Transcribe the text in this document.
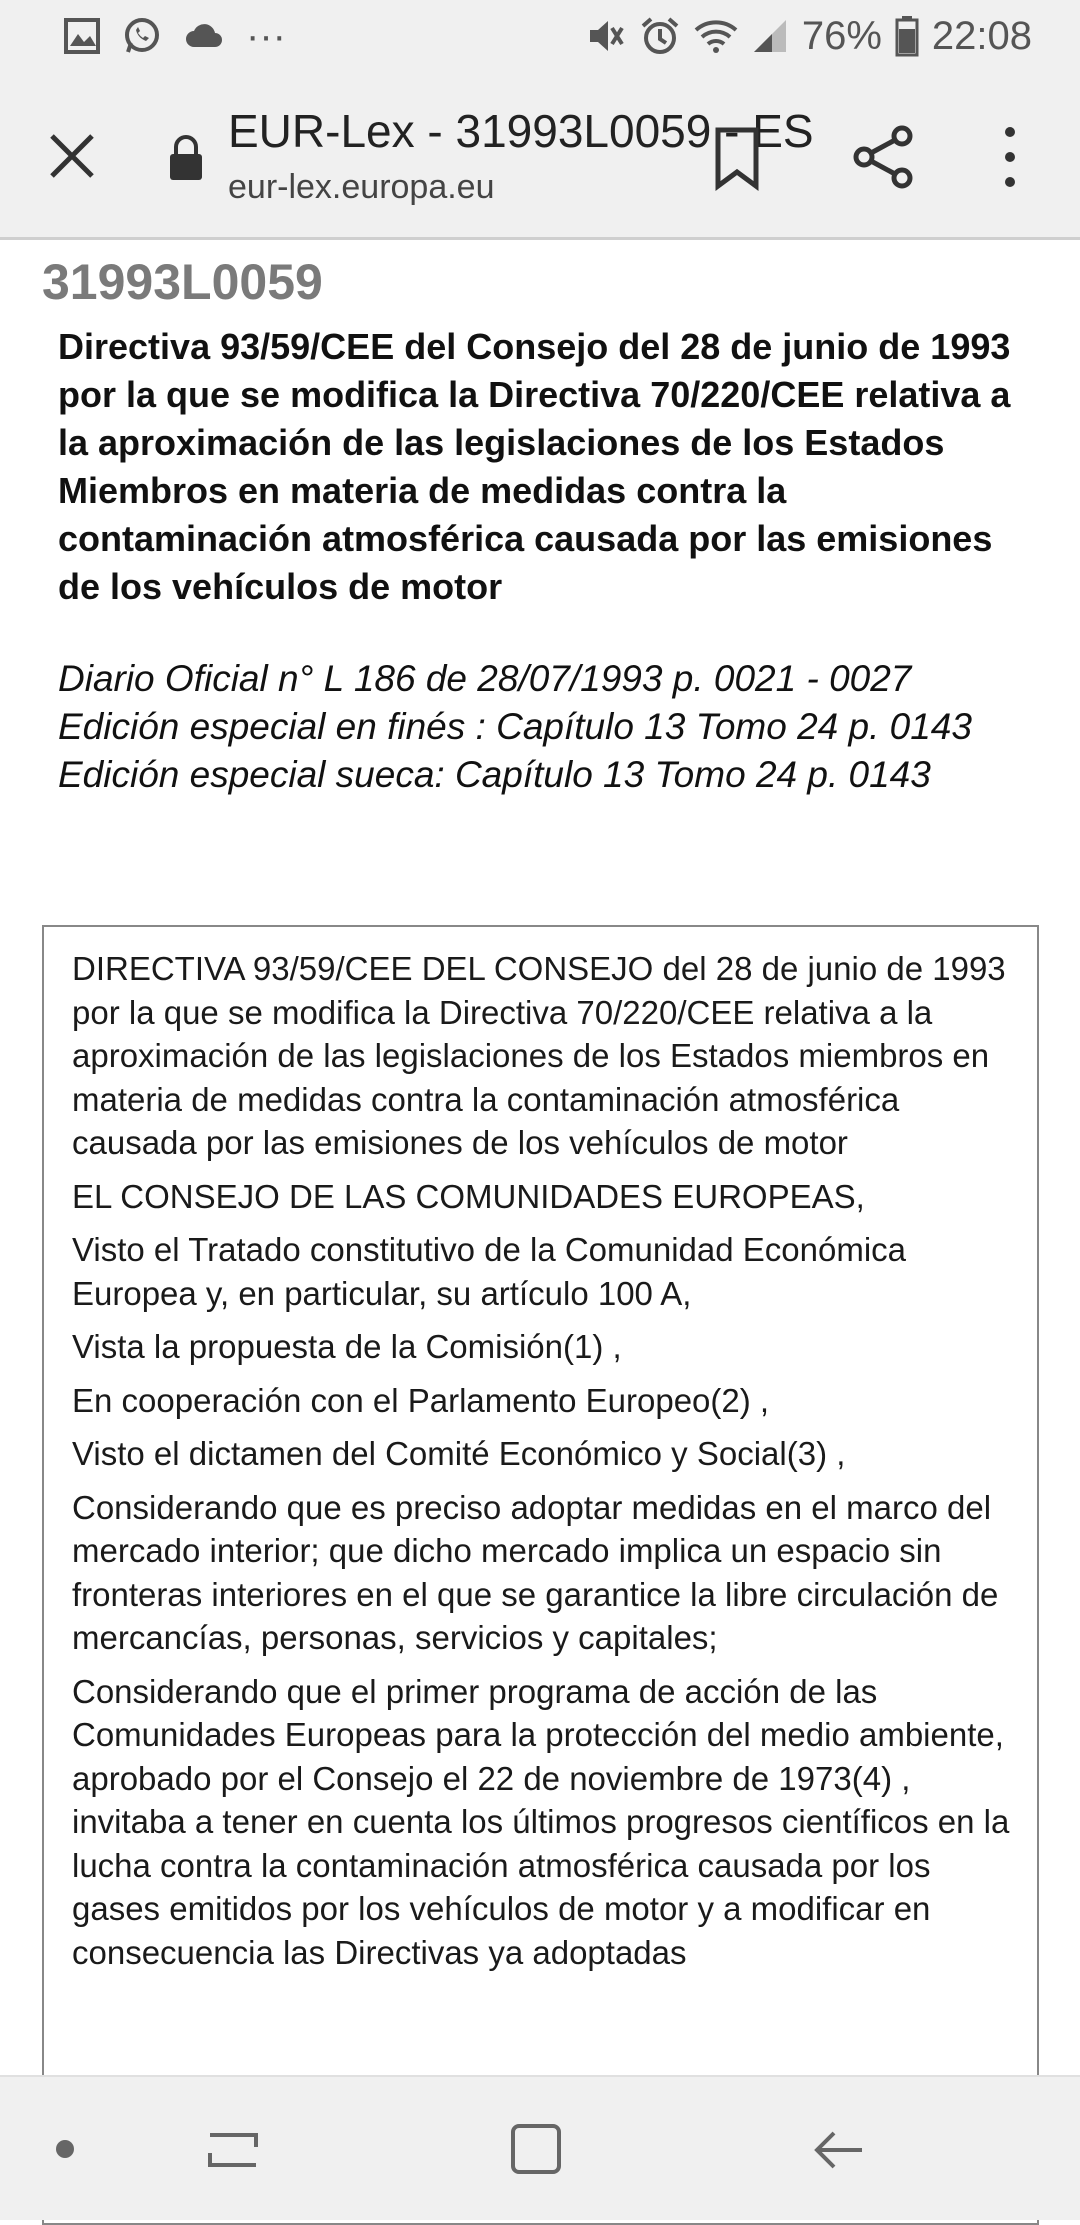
···	76% 22:08
EUR-Lex - 31993L0059 - ES
eur-lex.europa.eu
31993L0059
Directiva 93/59/CEE del Consejo del 28 de junio de 1993 por la que se modifica la Directiva 70/220/CEE relativa a la aproximación de las legislaciones de los Estados Miembros en materia de medidas contra la contaminación atmosférica causada por las emisiones de los vehículos de motor
Diario Oficial n° L 186 de 28/07/1993 p. 0021 - 0027
Edición especial en finés : Capítulo 13 Tomo 24 p. 0143
Edición especial sueca: Capítulo 13 Tomo 24 p. 0143

DIRECTIVA 93/59/CEE DEL CONSEJO del 28 de junio de 1993 por la que se modifica la Directiva 70/220/CEE relativa a la aproximación de las legislaciones de los Estados miembros en materia de medidas contra la contaminación atmosférica causada por las emisiones de los vehículos de motor

EL CONSEJO DE LAS COMUNIDADES EUROPEAS,

Visto el Tratado constitutivo de la Comunidad Económica Europea y, en particular, su artículo 100 A,

Vista la propuesta de la Comisión(1) ,

En cooperación con el Parlamento Europeo(2) ,

Visto el dictamen del Comité Económico y Social(3) ,

Considerando que es preciso adoptar medidas en el marco del mercado interior; que dicho mercado implica un espacio sin fronteras interiores en el que se garantice la libre circulación de mercancías, personas, servicios y capitales;

Considerando que el primer programa de acción de las Comunidades Europeas para la protección del medio ambiente, aprobado por el Consejo el 22 de noviembre de 1973(4) , invitaba a tener en cuenta los últimos progresos científicos en la lucha contra la contaminación atmosférica causada por los gases emitidos por los vehículos de motor y a modificar en consecuencia las Directivas ya adoptadas
